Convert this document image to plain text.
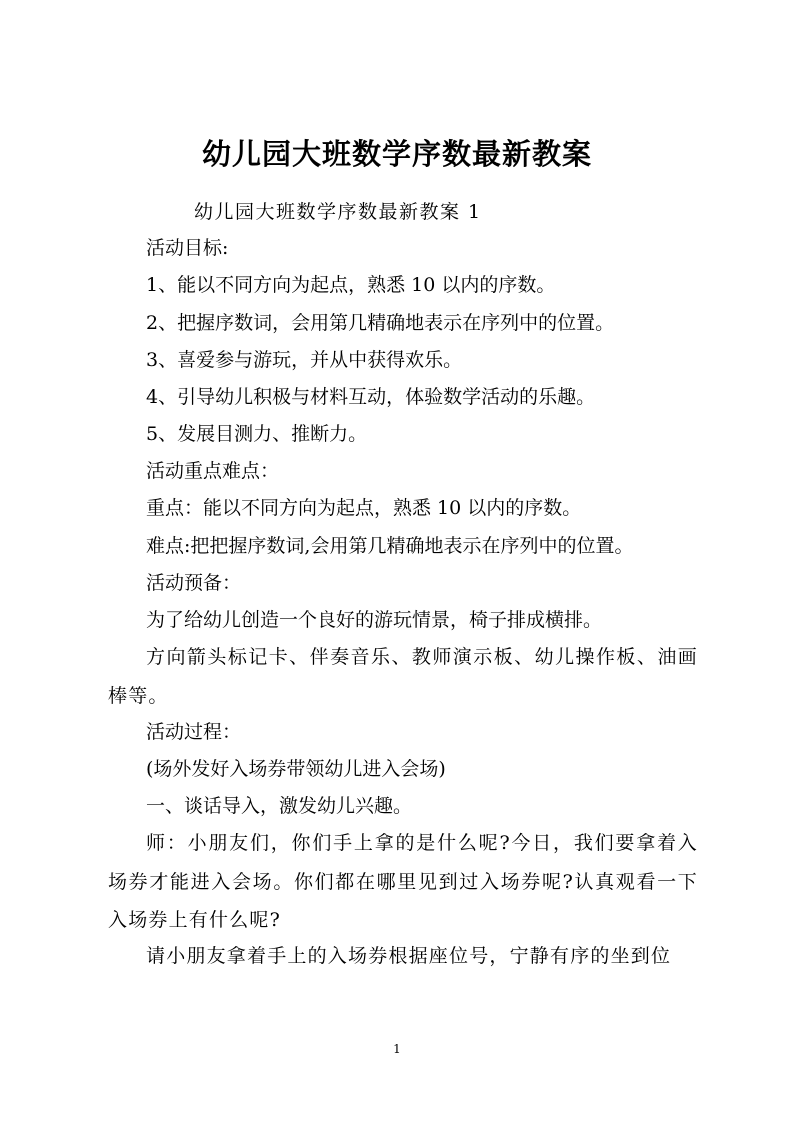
幼儿园大班数学序数最新教案
幼儿园大班数学序数最新教案 1
活动目标:
1、能以不同方向为起点，熟悉 10 以内的序数。
2、把握序数词，会用第几精确地表示在序列中的位置。
3、喜爱参与游玩，并从中获得欢乐。
4、引导幼儿积极与材料互动，体验数学活动的乐趣。
5、发展目测力、推断力。
活动重点难点：
重点：能以不同方向为起点，熟悉 10 以内的序数。
难点:把把握序数词,会用第几精确地表示在序列中的位置。
活动预备：
为了给幼儿创造一个良好的游玩情景，椅子排成横排。
方向箭头标记卡、伴奏音乐、教师演示板、幼儿操作板、油画棒等。
活动过程：
(场外发好入场券带领幼儿进入会场)
一、谈话导入，激发幼儿兴趣。
师：小朋友们，你们手上拿的是什么呢?今日，我们要拿着入场券才能进入会场。你们都在哪里见到过入场券呢?认真观看一下入场券上有什么呢?
请小朋友拿着手上的入场券根据座位号，宁静有序的坐到位
1
